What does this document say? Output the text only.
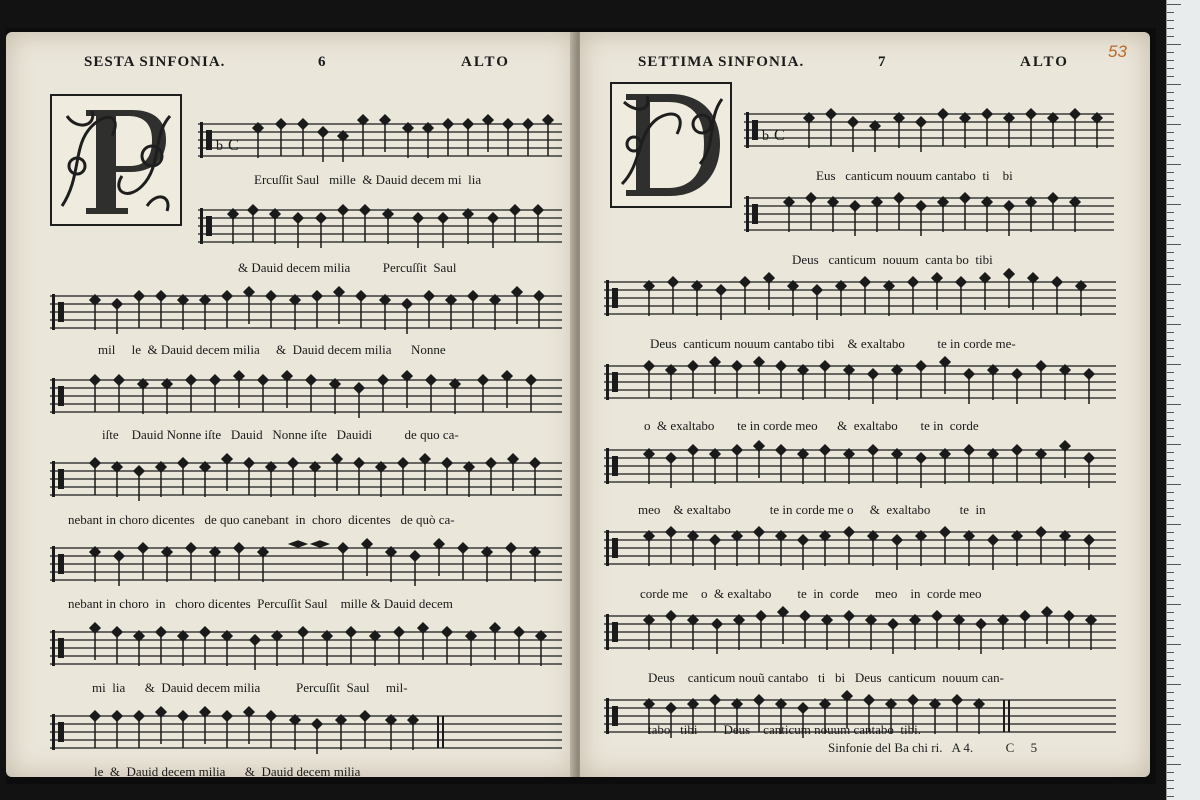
SESTA SINFONIA.	6	ALTO
b C
Ercuſſit Saul   mille  & Dauid decem mi  lia
& Dauid decem milia          Percuſſit  Saul
mil     le  & Dauid decem milia     &  Dauid decem milia      Nonne
iſte    Dauid Nonne iſte   Dauid   Nonne iſte   Dauidi          de quo ca-
nebant in choro dicentes   de quo canebant  in  choro  dicentes   de quò ca-
nebant in choro  in   choro dicentes  Percuſſit Saul    mille & Dauid decem
mi  lia      &  Dauid decem milia           Percuſſit  Saul     mil-
le  &  Dauid decem milia      &  Dauid decem milia
SETTIMA SINFONIA.	7	ALTO
53
b C
Eus   canticum nouum cantabo  ti    bi
Deus   canticum  nouum  canta bo  tibi
Deus  canticum nouum cantabo tibi    & exaltabo          te in corde me-
o  & exaltabo       te in corde meo      &  exaltabo       te in  corde
meo    & exaltabo            te in corde me o     &  exaltabo         te  in
corde me    o  & exaltabo        te  in  corde     meo    in  corde meo
Deus    canticum nouũ cantabo   ti   bi   Deus  canticum  nouum can-
tabo   tibi        Deus    canticum nouum cantabo  tibi.
Sinfonie del Ba chi ri.   A 4.          C     5
